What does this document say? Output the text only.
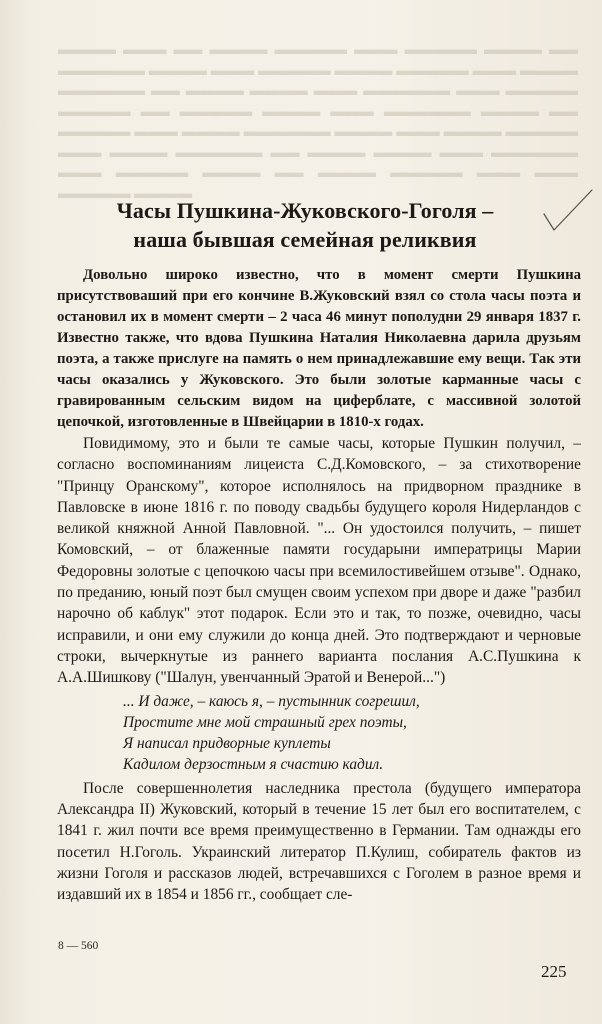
▬▬▬▬ ▬▬▬ ▬▬ ▬▬▬▬ ▬▬▬▬▬ ▬▬▬ ▬▬▬▬▬ ▬▬▬▬ ▬▬ ▬▬▬▬▬▬ ▬▬▬▬ ▬▬▬ ▬▬▬▬▬ ▬▬▬▬ ▬▬▬▬▬ ▬▬▬ ▬▬▬▬ ▬▬▬▬▬▬ ▬▬ ▬▬▬▬ ▬▬▬▬ ▬▬▬ ▬▬▬▬▬▬ ▬▬▬ ▬▬▬▬▬ ▬▬▬▬▬ ▬▬ ▬▬▬▬▬ ▬▬▬▬ ▬▬▬ ▬▬▬▬▬▬ ▬▬▬▬ ▬▬ ▬▬▬▬▬ ▬▬▬ ▬▬▬▬ ▬▬▬▬▬▬ ▬▬▬▬ ▬▬▬ ▬▬▬▬ ▬▬▬▬▬ ▬▬▬ ▬▬▬▬ ▬▬▬▬▬▬ ▬▬ ▬▬▬▬ ▬▬▬▬ ▬▬▬ ▬▬▬▬▬▬ ▬▬▬ ▬▬▬▬▬ ▬▬▬▬ ▬▬ ▬▬▬▬ ▬▬▬▬▬ ▬▬▬ ▬▬▬ ▬▬▬▬▬ ▬▬▬▬
Часы Пушкина-Жуковского-Гоголя –
наша бывшая семейная реликвия

Довольно широко известно, что в момент смерти Пушкина присутствоваший при его кончине В.Жуковский взял со стола часы поэта и остановил их в момент смерти – 2 часа 46 минут пополудни 29 января 1837 г. Известно также, что вдова Пушкина Наталия Николаевна дарила друзьям поэта, а также прислуге на память о нем принадлежавшие ему вещи. Так эти часы оказались у Жуковского. Это были золотые карманные часы с гравированным сельским видом на циферблате, с массивной золотой цепочкой, изготовленные в Швейцарии в 1810-х годах.

Повидимому, это и были те самые часы, которые Пушкин получил, – согласно воспоминаниям лицеиста С.Д.Комовского, – за стихотворение "Принцу Оранскому", которое исполнялось на придворном празднике в Павловске в июне 1816 г. по поводу свадьбы будущего короля Нидерландов с великой княжной Анной Павловной. "... Он удостоился получить, – пишет Комовский, – от блаженные памяти государыни императрицы Марии Федоровны золотые с цепочкою часы при всемилостивейшем отзыве". Однако, по преданию, юный поэт был смущен своим успехом при дворе и даже "разбил нарочно об каблук" этот подарок. Если это и так, то позже, очевидно, часы исправили, и они ему служили до конца дней. Это подтверждают и черновые строки, вычеркнутые из раннего варианта послания А.С.Пушкина к А.А.Шишкову ("Шалун, увенчанный Эратой и Венерой...")

... И даже, – каюсь я, – пустынник согрешил,
Простите мне мой страшный грех поэты,
Я написал придворные куплеты
Кадилом дерзостным я счастию кадил.

После совершеннолетия наследника престола (будущего императора Александра II) Жуковский, который в течение 15 лет был его воспитателем, с 1841 г. жил почти все время преимущественно в Германии. Там однажды его посетил Н.Гоголь. Украинский литератор П.Кулиш, собиратель фактов из жизни Гоголя и рассказов людей, встречавшихся с Гоголем в разное время и издавший их в 1854 и 1856 гг., сообщает сле-

8 — 560
225
